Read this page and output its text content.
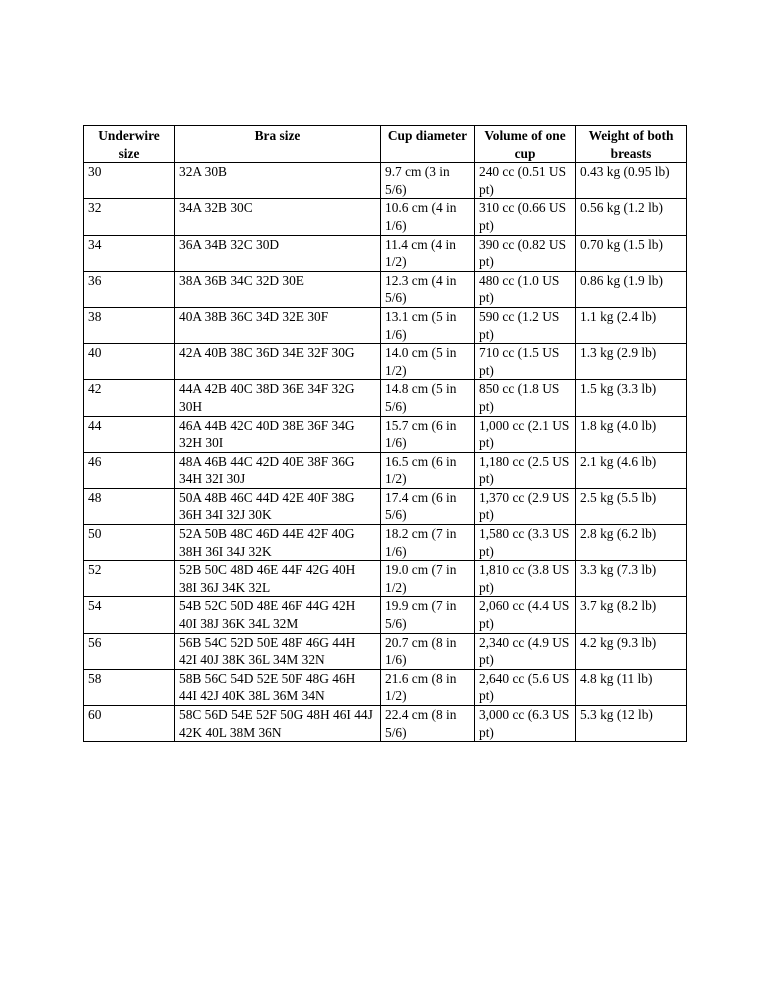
Underwire size	Bra size	Cup diameter	Volume of one cup	Weight of both breasts
30	32A 30B	9.7 cm (3 in 5/6)	240 cc (0.51 US pt)	0.43 kg (0.95 lb)
32	34A 32B 30C	10.6 cm (4 in 1/6)	310 cc (0.66 US pt)	0.56 kg (1.2 lb)
34	36A 34B 32C 30D	11.4 cm (4 in 1/2)	390 cc (0.82 US pt)	0.70 kg (1.5 lb)
36	38A 36B 34C 32D 30E	12.3 cm (4 in 5/6)	480 cc (1.0 US pt)	0.86 kg (1.9 lb)
38	40A 38B 36C 34D 32E 30F	13.1 cm (5 in 1/6)	590 cc (1.2 US pt)	1.1 kg (2.4 lb)
40	42A 40B 38C 36D 34E 32F 30G	14.0 cm (5 in 1/2)	710 cc (1.5 US pt)	1.3 kg (2.9 lb)
42	44A 42B 40C 38D 36E 34F 32G 30H	14.8 cm (5 in 5/6)	850 cc (1.8 US pt)	1.5 kg (3.3 lb)
44	46A 44B 42C 40D 38E 36F 34G 32H 30I	15.7 cm (6 in 1/6)	1,000 cc (2.1 US pt)	1.8 kg (4.0 lb)
46	48A 46B 44C 42D 40E 38F 36G 34H 32I 30J	16.5 cm (6 in 1/2)	1,180 cc (2.5 US pt)	2.1 kg (4.6 lb)
48	50A 48B 46C 44D 42E 40F 38G 36H 34I 32J 30K	17.4 cm (6 in 5/6)	1,370 cc (2.9 US pt)	2.5 kg (5.5 lb)
50	52A 50B 48C 46D 44E 42F 40G 38H 36I 34J 32K	18.2 cm (7 in 1/6)	1,580 cc (3.3 US pt)	2.8 kg (6.2 lb)
52	52B 50C 48D 46E 44F 42G 40H 38I 36J 34K 32L	19.0 cm (7 in 1/2)	1,810 cc (3.8 US pt)	3.3 kg (7.3 lb)
54	54B 52C 50D 48E 46F 44G 42H 40I 38J 36K 34L 32M	19.9 cm (7 in 5/6)	2,060 cc (4.4 US pt)	3.7 kg (8.2 lb)
56	56B 54C 52D 50E 48F 46G 44H 42I 40J 38K 36L 34M 32N	20.7 cm (8 in 1/6)	2,340 cc (4.9 US pt)	4.2 kg (9.3 lb)
58	58B 56C 54D 52E 50F 48G 46H 44I 42J 40K 38L 36M 34N	21.6 cm (8 in 1/2)	2,640 cc (5.6 US pt)	4.8 kg (11 lb)
60	58C 56D 54E 52F 50G 48H 46I 44J 42K 40L 38M 36N	22.4 cm (8 in 5/6)	3,000 cc (6.3 US pt)	5.3 kg (12 lb)
